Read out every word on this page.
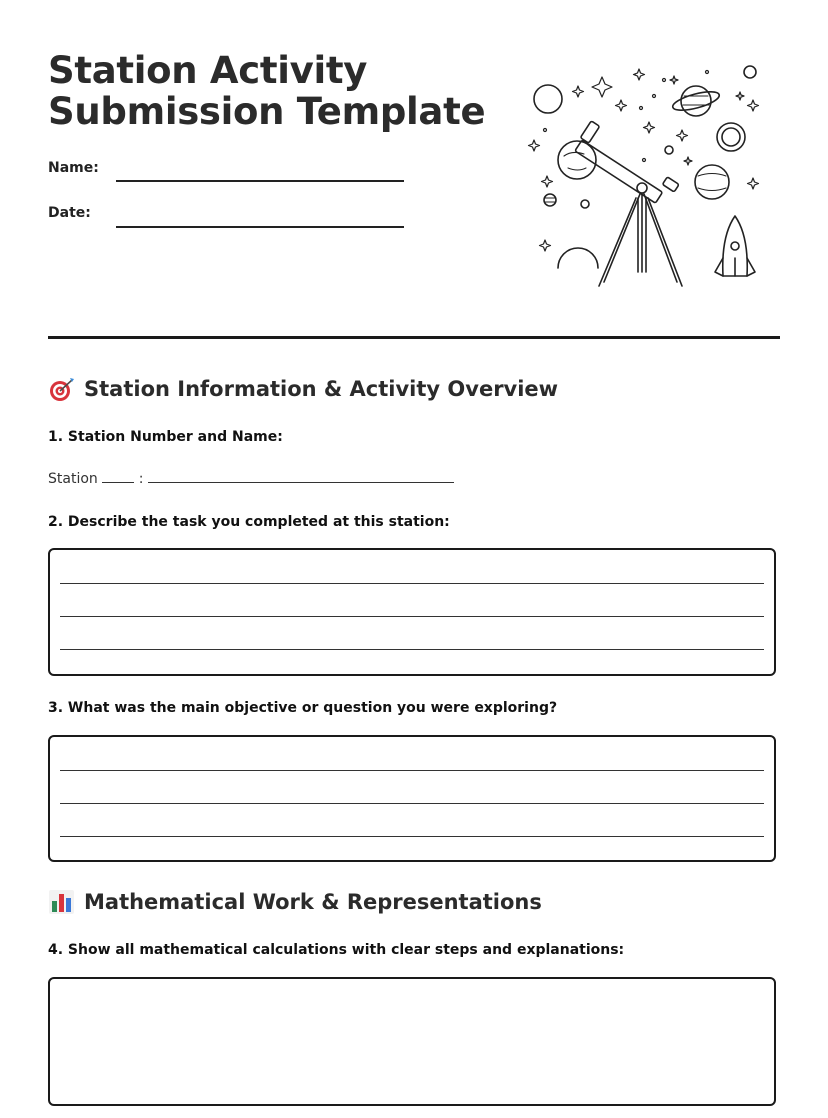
Station Activity
Submission Template
Name:
Date:
Station Information & Activity Overview

1. Station Number and Name:

Station	:

2. Describe the task you completed at this station:

3. What was the main objective or question you were exploring?

Mathematical Work & Representations

4. Show all mathematical calculations with clear steps and explanations:
